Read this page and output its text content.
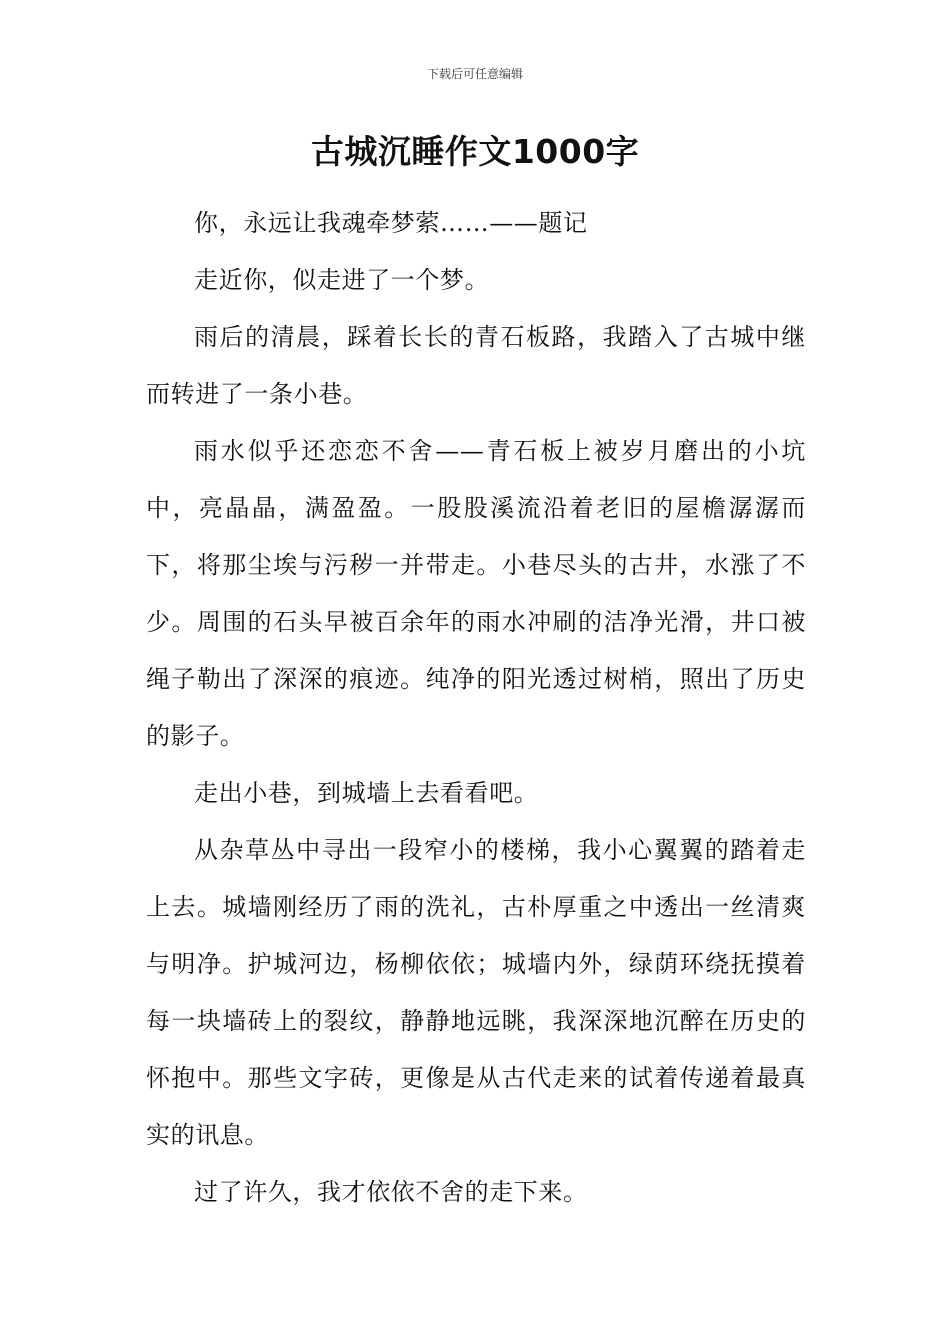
下载后可任意编辑
古城沉睡作文1000字

你，永远让我魂牵梦萦……——题记

走近你，似走进了一个梦。

雨后的清晨，踩着长长的青石板路，我踏入了古城中继而转进了一条小巷。

雨水似乎还恋恋不舍——青石板上被岁月磨出的小坑中，亮晶晶，满盈盈。一股股溪流沿着老旧的屋檐潺潺而下，将那尘埃与污秽一并带走。小巷尽头的古井，水涨了不少。周围的石头早被百余年的雨水冲刷的洁净光滑，井口被绳子勒出了深深的痕迹。纯净的阳光透过树梢，照出了历史的影子。

走出小巷，到城墙上去看看吧。

从杂草丛中寻出一段窄小的楼梯，我小心翼翼的踏着走上去。城墙刚经历了雨的洗礼，古朴厚重之中透出一丝清爽与明净。护城河边，杨柳依依；城墙内外，绿荫环绕抚摸着每一块墙砖上的裂纹，静静地远眺，我深深地沉醉在历史的怀抱中。那些文字砖，更像是从古代走来的试着传递着最真实的讯息。

过了许久，我才依依不舍的走下来。
